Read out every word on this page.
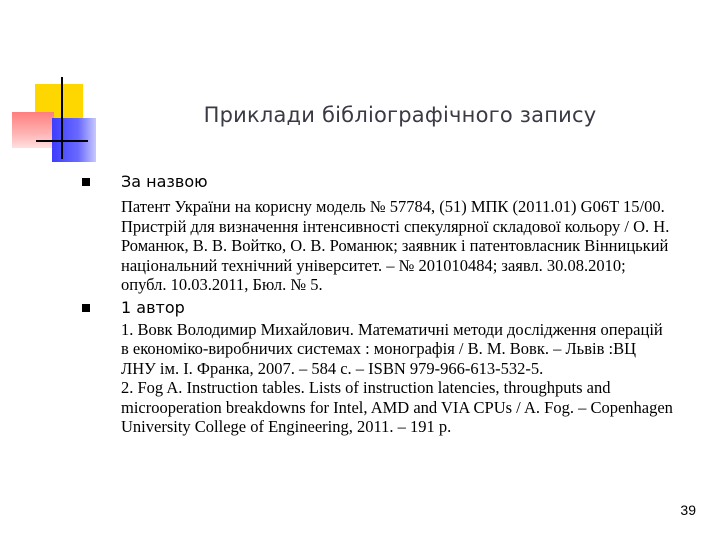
Приклади бібліографічного запису
За назвою

Патент України на корисну модель № 57784, (51) МПК (2011.01) G06T 15/00. Пристрій для визначення інтенсивності спекулярної складової кольору / О. Н. Романюк, В. В. Войтко, О. В. Романюк; заявник і патентовласник Вінницький національний технічний університет. – № 201010484; заявл. 30.08.2010; опубл. 10.03.2011, Бюл. № 5.

1 автор

1. Вовк Володимир Михайлович. Математичні методи дослідження операцій в економіко-виробничих системах : монографія / В. М. Вовк. – Львів :ВЦ ЛНУ ім. І. Франка, 2007. – 584 с. – ISBN 979-966-613-532-5.

2. Fog A. Instruction tables. Lists of instruction latencies, throughputs and microoperation breakdowns for Intel, AMD and VIA CPUs / A. Fog. – Copenhagen University College of Engineering, 2011. – 191 p.

39
